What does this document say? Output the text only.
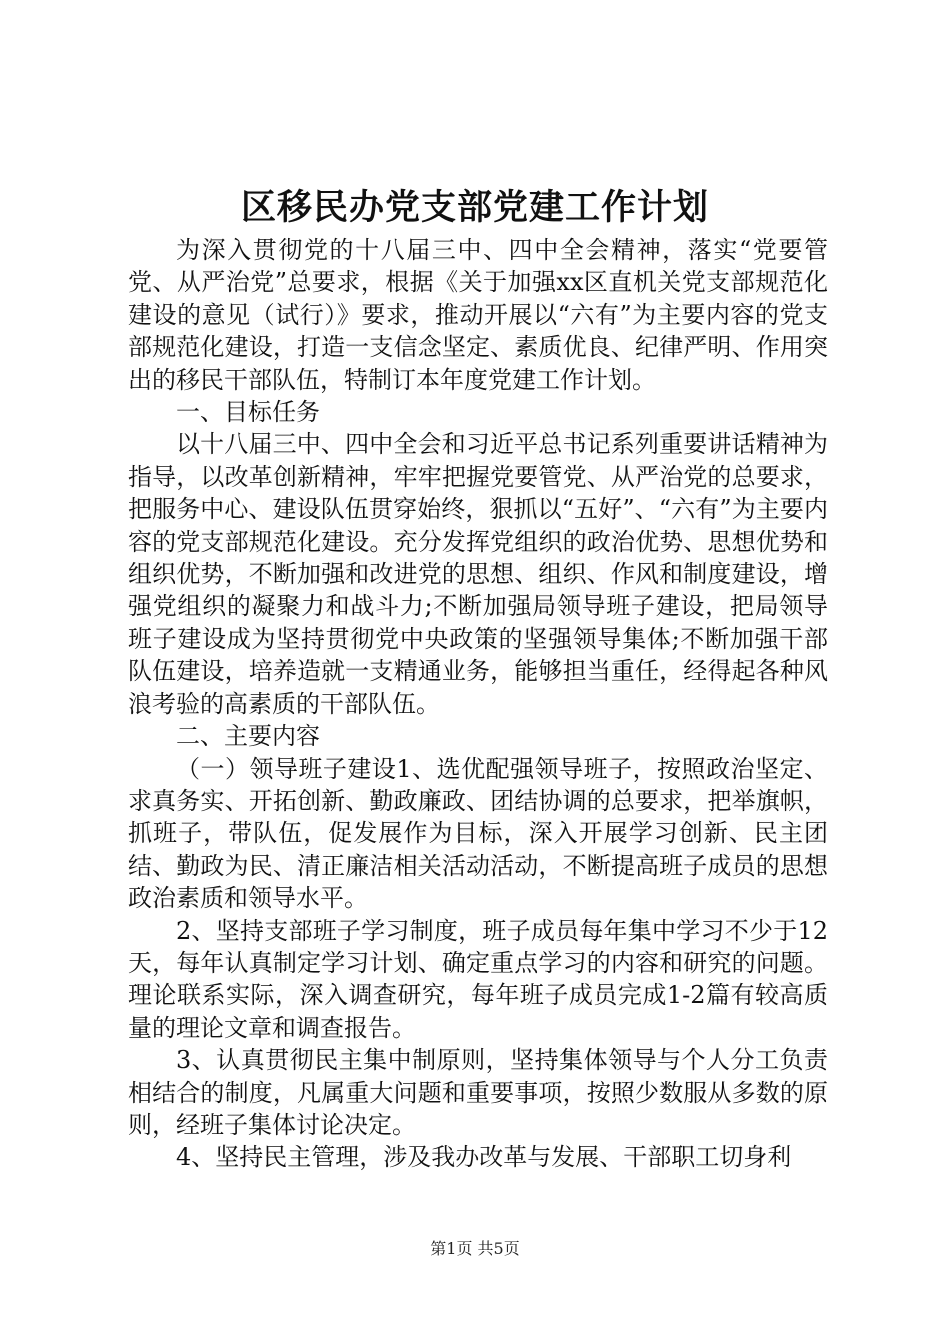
区移民办党支部党建工作计划

为深入贯彻党的十八届三中、四中全会精神，落实“党要管党、从严治党”总要求，根据《关于加强xx区直机关党支部规范化建设的意见（试行）》要求，推动开展以“六有”为主要内容的党支部规范化建设，打造一支信念坚定、素质优良、纪律严明、作用突出的移民干部队伍，特制订本年度党建工作计划。

一、目标任务

以十八届三中、四中全会和习近平总书记系列重要讲话精神为指导，以改革创新精神，牢牢把握党要管党、从严治党的总要求，把服务中心、建设队伍贯穿始终，狠抓以“五好”、“六有”为主要内容的党支部规范化建设。充分发挥党组织的政治优势、思想优势和组织优势，不断加强和改进党的思想、组织、作风和制度建设，增强党组织的凝聚力和战斗力;不断加强局领导班子建设，把局领导班子建设成为坚持贯彻党中央政策的坚强领导集体;不断加强干部队伍建设，培养造就一支精通业务，能够担当重任，经得起各种风浪考验的高素质的干部队伍。

二、主要内容

（一）领导班子建设1、选优配强领导班子，按照政治坚定、求真务实、开拓创新、勤政廉政、团结协调的总要求，把举旗帜，抓班子，带队伍，促发展作为目标，深入开展学习创新、民主团结、勤政为民、清正廉洁相关活动活动，不断提高班子成员的思想政治素质和领导水平。

2、坚持支部班子学习制度，班子成员每年集中学习不少于12天，每年认真制定学习计划、确定重点学习的内容和研究的问题。理论联系实际，深入调查研究，每年班子成员完成1-2篇有较高质量的理论文章和调查报告。

3、认真贯彻民主集中制原则，坚持集体领导与个人分工负责相结合的制度，凡属重大问题和重要事项，按照少数服从多数的原则，经班子集体讨论决定。

4、坚持民主管理，涉及我办改革与发展、干部职工切身利

第1页 共5页
